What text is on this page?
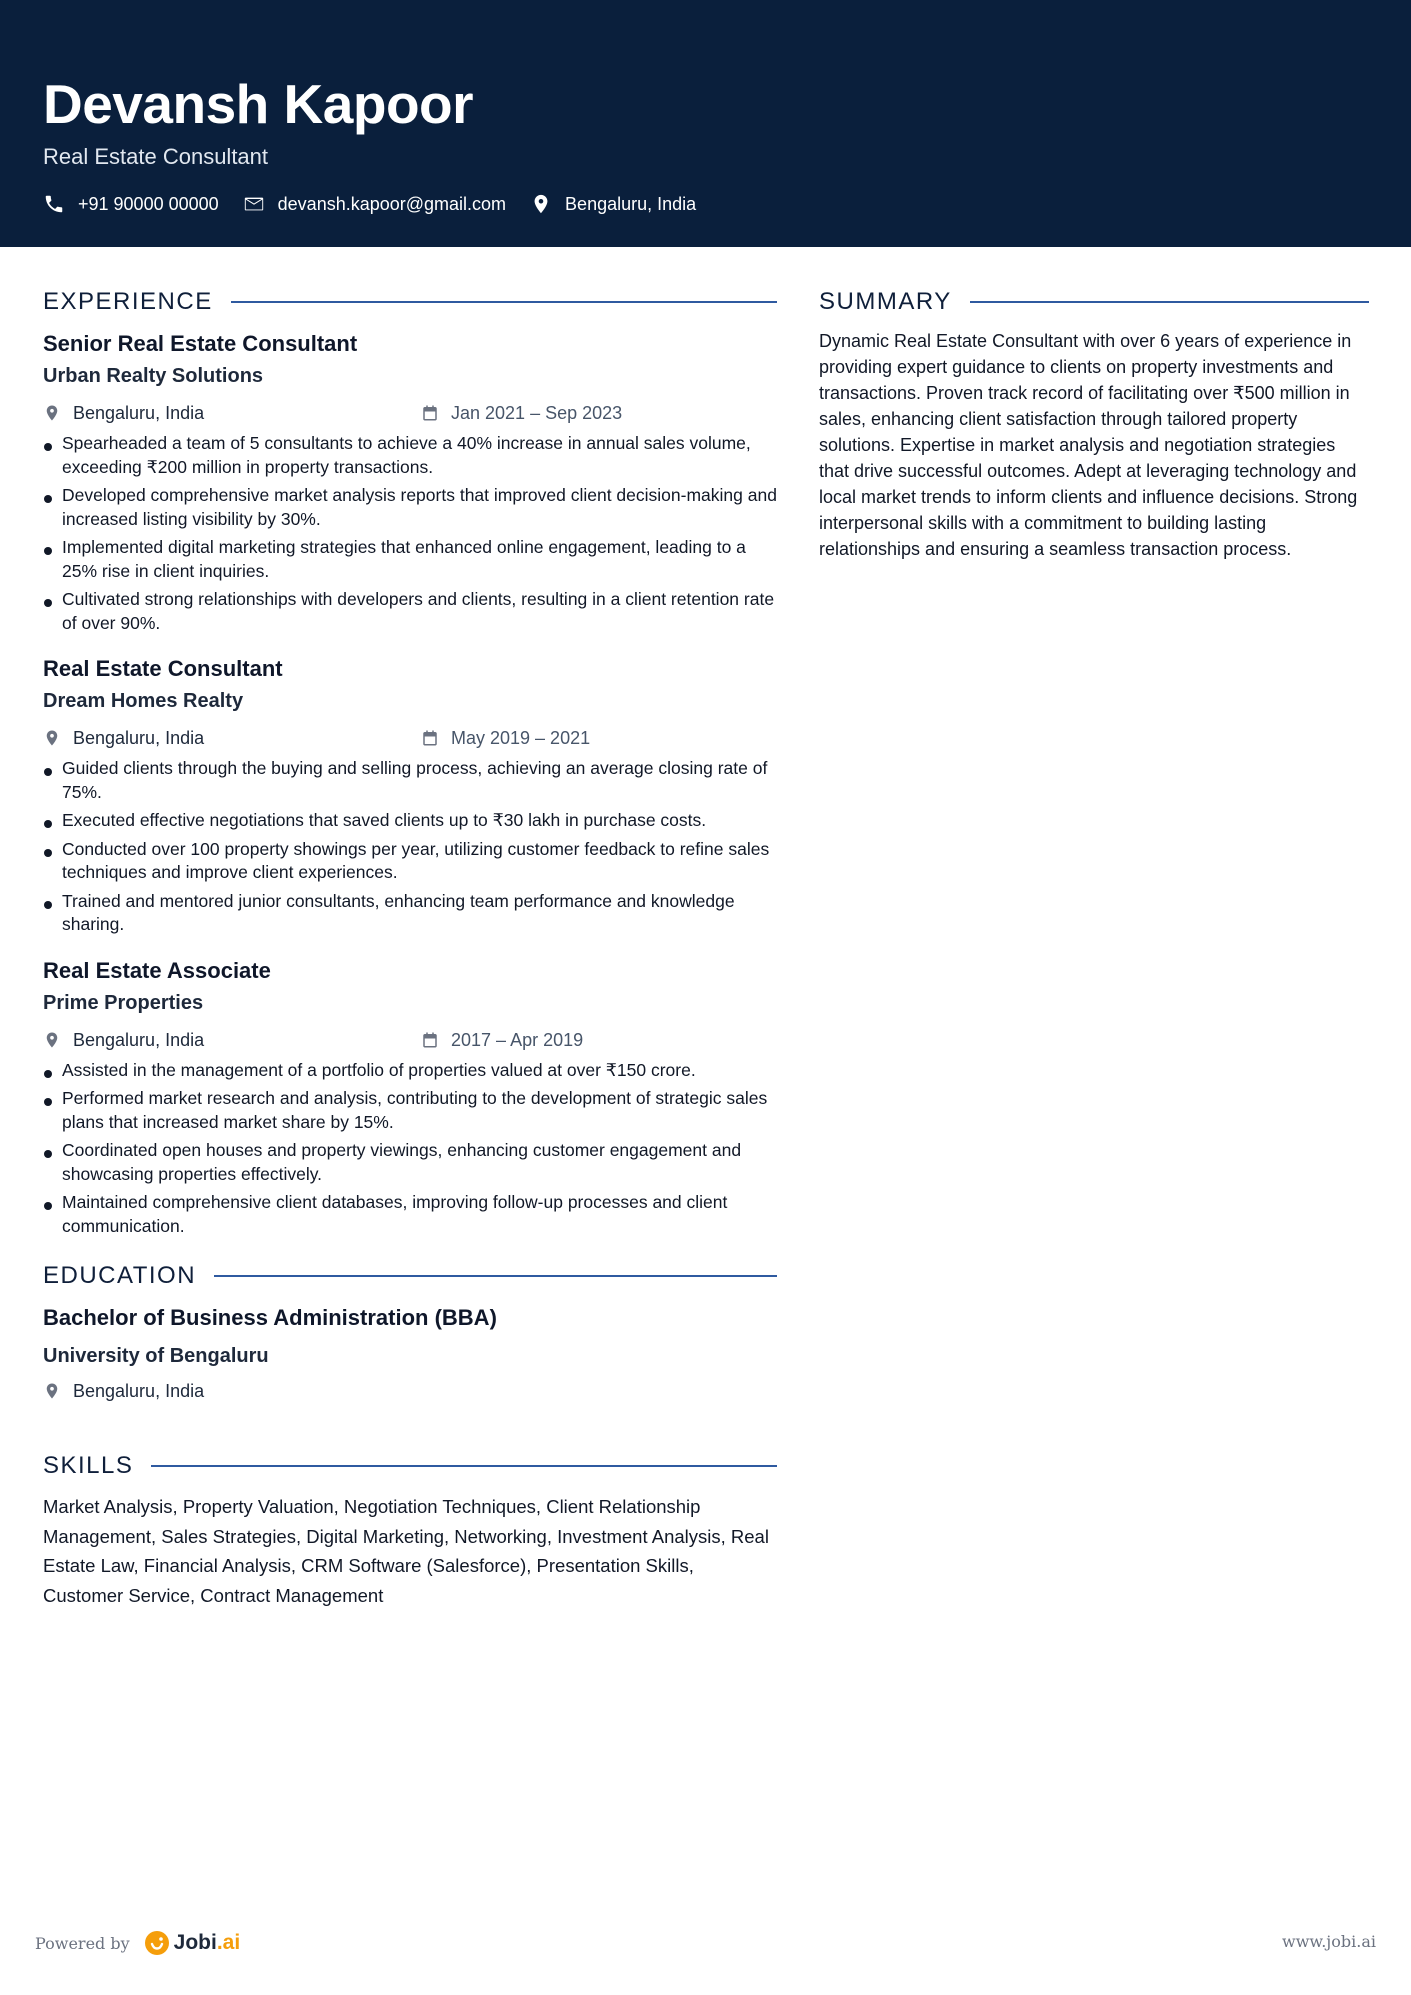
Devansh Kapoor
Real Estate Consultant
+91 90000 00000	devansh.kapoor@gmail.com	Bengaluru, India
EXPERIENCE
Senior Real Estate Consultant
Urban Realty Solutions
Bengaluru, India	Jan 2021 – Sep 2023
Spearheaded a team of 5 consultants to achieve a 40% increase in annual sales volume, exceeding ₹200 million in property transactions.
Developed comprehensive market analysis reports that improved client decision-making and increased listing visibility by 30%.
Implemented digital marketing strategies that enhanced online engagement, leading to a 25% rise in client inquiries.
Cultivated strong relationships with developers and clients, resulting in a client retention rate of over 90%.
Real Estate Consultant
Dream Homes Realty
Bengaluru, India	May 2019 – 2021
Guided clients through the buying and selling process, achieving an average closing rate of 75%.
Executed effective negotiations that saved clients up to ₹30 lakh in purchase costs.
Conducted over 100 property showings per year, utilizing customer feedback to refine sales techniques and improve client experiences.
Trained and mentored junior consultants, enhancing team performance and knowledge sharing.
Real Estate Associate
Prime Properties
Bengaluru, India	2017 – Apr 2019
Assisted in the management of a portfolio of properties valued at over ₹150 crore.
Performed market research and analysis, contributing to the development of strategic sales plans that increased market share by 15%.
Coordinated open houses and property viewings, enhancing customer engagement and showcasing properties effectively.
Maintained comprehensive client databases, improving follow-up processes and client communication.
EDUCATION
Bachelor of Business Administration (BBA)
University of Bengaluru
Bengaluru, India
SKILLS
Market Analysis, Property Valuation, Negotiation Techniques, Client Relationship Management, Sales Strategies, Digital Marketing, Networking, Investment Analysis, Real Estate Law, Financial Analysis, CRM Software (Salesforce), Presentation Skills, Customer Service, Contract Management
SUMMARY
Dynamic Real Estate Consultant with over 6 years of experience in providing expert guidance to clients on property investments and transactions. Proven track record of facilitating over ₹500 million in sales, enhancing client satisfaction through tailored property solutions. Expertise in market analysis and negotiation strategies that drive successful outcomes. Adept at leveraging technology and local market trends to inform clients and influence decisions. Strong interpersonal skills with a commitment to building lasting relationships and ensuring a seamless transaction process.
Powered by Jobi.ai	www.jobi.ai
